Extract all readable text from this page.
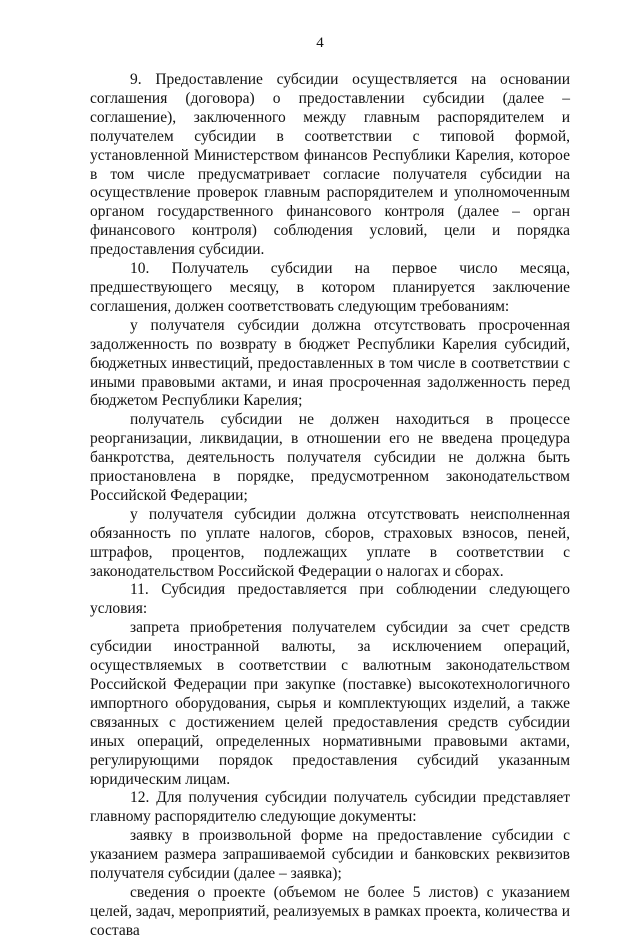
4

9. Предоставление субсидии осуществляется на основании соглашения (договора) о предоставлении субсидии (далее – соглашение), заключенного между главным распорядителем и получателем субсидии в соответствии с типовой формой, установленной Министерством финансов Республики Карелия, которое в том числе предусматривает согласие получателя субсидии на осуществление проверок главным распорядителем и уполномоченным органом государственного финансового контроля (далее – орган финансового контроля) соблюдения условий, цели и порядка предоставления субсидии.

10. Получатель субсидии на первое число месяца, предшествующего месяцу, в котором планируется заключение соглашения, должен соответствовать следующим требованиям:

у получателя субсидии должна отсутствовать просроченная задолженность по возврату в бюджет Республики Карелия субсидий, бюджетных инвестиций, предоставленных в том числе в соответствии с иными правовыми актами, и иная просроченная задолженность перед бюджетом Республики Карелия;

получатель субсидии не должен находиться в процессе реорганизации, ликвидации, в отношении его не введена процедура банкротства, деятельность получателя субсидии не должна быть приостановлена в порядке, предусмотренном законодательством Российской Федерации;

у получателя субсидии должна отсутствовать неисполненная обязанность по уплате налогов, сборов, страховых взносов, пеней, штрафов, процентов, подлежащих уплате в соответствии с законодательством Российской Федерации о налогах и сборах.

11. Субсидия предоставляется при соблюдении следующего условия:

запрета приобретения получателем субсидии за счет средств субсидии иностранной валюты, за исключением операций, осуществляемых в соответствии с валютным законодательством Российской Федерации при закупке (поставке) высокотехнологичного импортного оборудования, сырья и комплектующих изделий, а также связанных с достижением целей предоставления средств субсидии иных операций, определенных нормативными правовыми актами, регулирующими порядок предоставления субсидий указанным юридическим лицам.

12. Для получения субсидии получатель субсидии представляет главному распорядителю следующие документы:

заявку в произвольной форме на предоставление субсидии с указанием размера запрашиваемой субсидии и банковских реквизитов получателя субсидии (далее – заявка);

сведения о проекте (объемом не более 5 листов) с указанием целей, задач, мероприятий, реализуемых в рамках проекта, количества и состава
